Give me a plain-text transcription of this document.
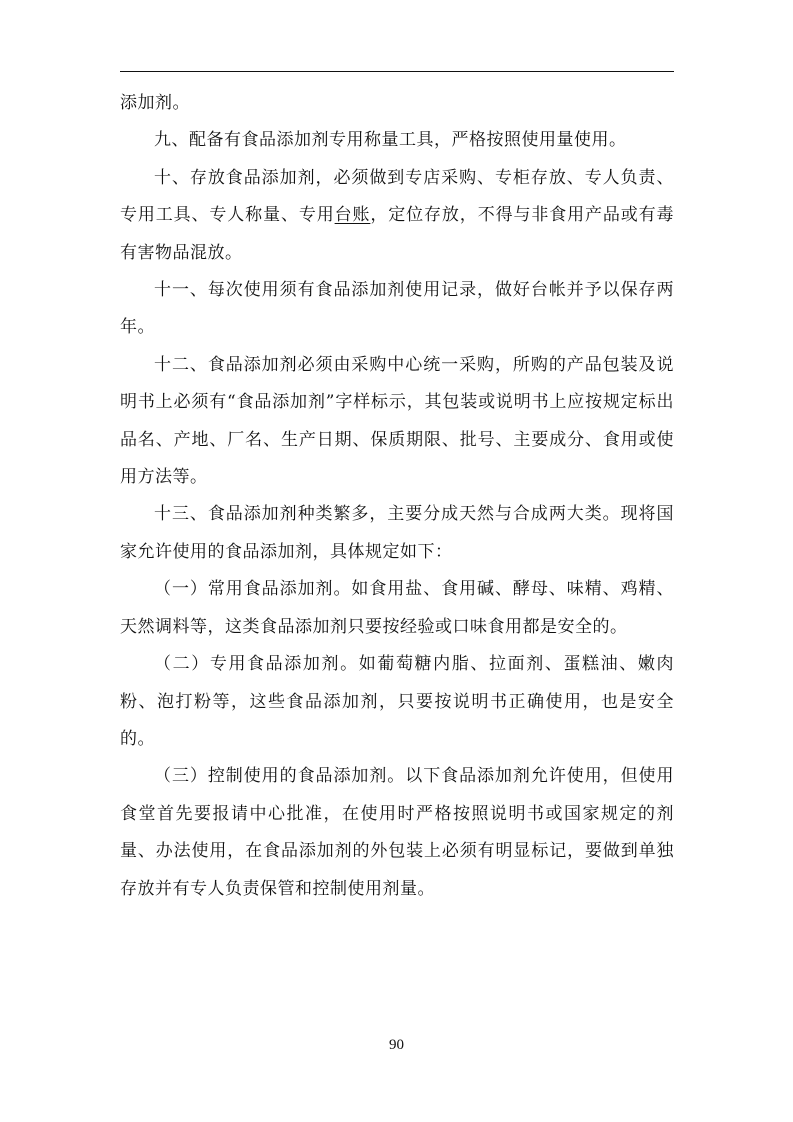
添加剂。

九、配备有食品添加剂专用称量工具，严格按照使用量使用。

十、存放食品添加剂，必须做到专店采购、专柜存放、专人负责、专用工具、专人称量、专用台账，定位存放，不得与非食用产品或有毒有害物品混放。

十一、每次使用须有食品添加剂使用记录，做好台帐并予以保存两年。

十二、食品添加剂必须由采购中心统一采购，所购的产品包装及说明书上必须有“食品添加剂”字样标示，其包装或说明书上应按规定标出品名、产地、厂名、生产日期、保质期限、批号、主要成分、食用或使用方法等。

十三、食品添加剂种类繁多，主要分成天然与合成两大类。现将国家允许使用的食品添加剂，具体规定如下：

（一）常用食品添加剂。如食用盐、食用碱、酵母、味精、鸡精、天然调料等，这类食品添加剂只要按经验或口味食用都是安全的。

（二）专用食品添加剂。如葡萄糖内脂、拉面剂、蛋糕油、嫩肉粉、泡打粉等，这些食品添加剂，只要按说明书正确使用，也是安全的。

（三）控制使用的食品添加剂。以下食品添加剂允许使用，但使用食堂首先要报请中心批准，在使用时严格按照说明书或国家规定的剂量、办法使用，在食品添加剂的外包装上必须有明显标记，要做到单独存放并有专人负责保管和控制使用剂量。

90
